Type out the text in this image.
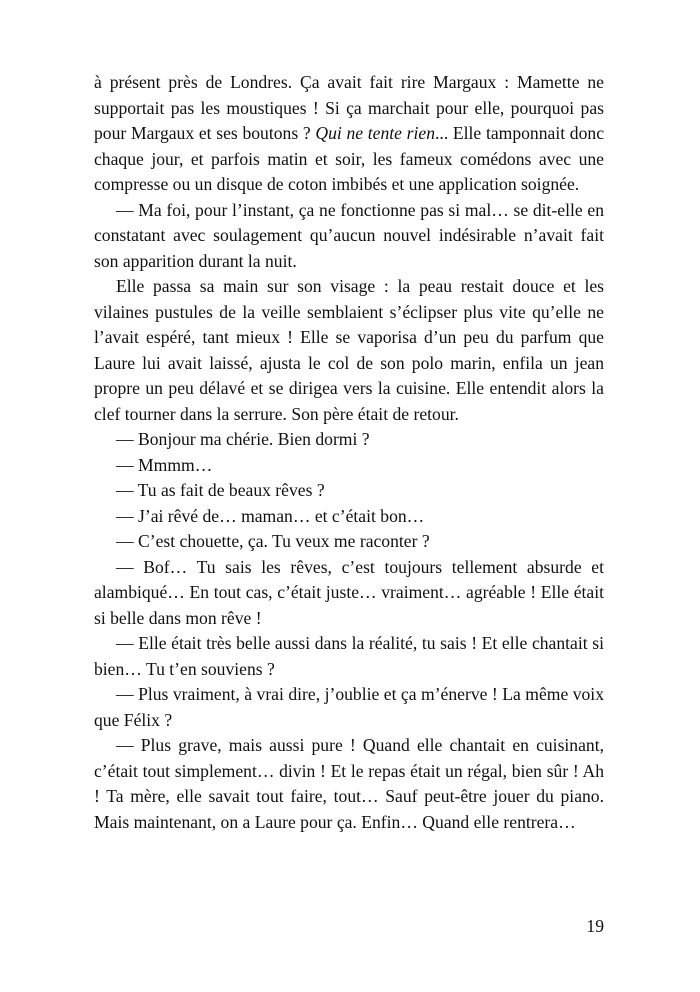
à présent près de Londres. Ça avait fait rire Margaux : Mamette ne supportait pas les moustiques ! Si ça marchait pour elle, pourquoi pas pour Margaux et ses boutons ? Qui ne tente rien... Elle tamponnait donc chaque jour, et parfois matin et soir, les fameux comédons avec une compresse ou un disque de coton imbibés et une application soignée.

— Ma foi, pour l’instant, ça ne fonctionne pas si mal… se dit-elle en constatant avec soulagement qu’aucun nouvel indésirable n’avait fait son apparition durant la nuit.

Elle passa sa main sur son visage : la peau restait douce et les vilaines pustules de la veille semblaient s’éclipser plus vite qu’elle ne l’avait espéré, tant mieux ! Elle se vaporisa d’un peu du parfum que Laure lui avait laissé, ajusta le col de son polo marin, enfila un jean propre un peu délavé et se dirigea vers la cuisine. Elle entendit alors la clef tourner dans la serrure. Son père était de retour.

— Bonjour ma chérie. Bien dormi ?

— Mmmm…

— Tu as fait de beaux rêves ?

— J’ai rêvé de… maman… et c’était bon…

— C’est chouette, ça. Tu veux me raconter ?

— Bof… Tu sais les rêves, c’est toujours tellement absurde et alambiqué… En tout cas, c’était juste… vraiment… agréable ! Elle était si belle dans mon rêve !

— Elle était très belle aussi dans la réalité, tu sais ! Et elle chantait si bien… Tu t’en souviens ?

— Plus vraiment, à vrai dire, j’oublie et ça m’énerve ! La même voix que Félix ?

— Plus grave, mais aussi pure ! Quand elle chantait en cuisinant, c’était tout simplement… divin ! Et le repas était un régal, bien sûr ! Ah ! Ta mère, elle savait tout faire, tout… Sauf peut-être jouer du piano. Mais maintenant, on a Laure pour ça. Enfin… Quand elle rentrera…

19
